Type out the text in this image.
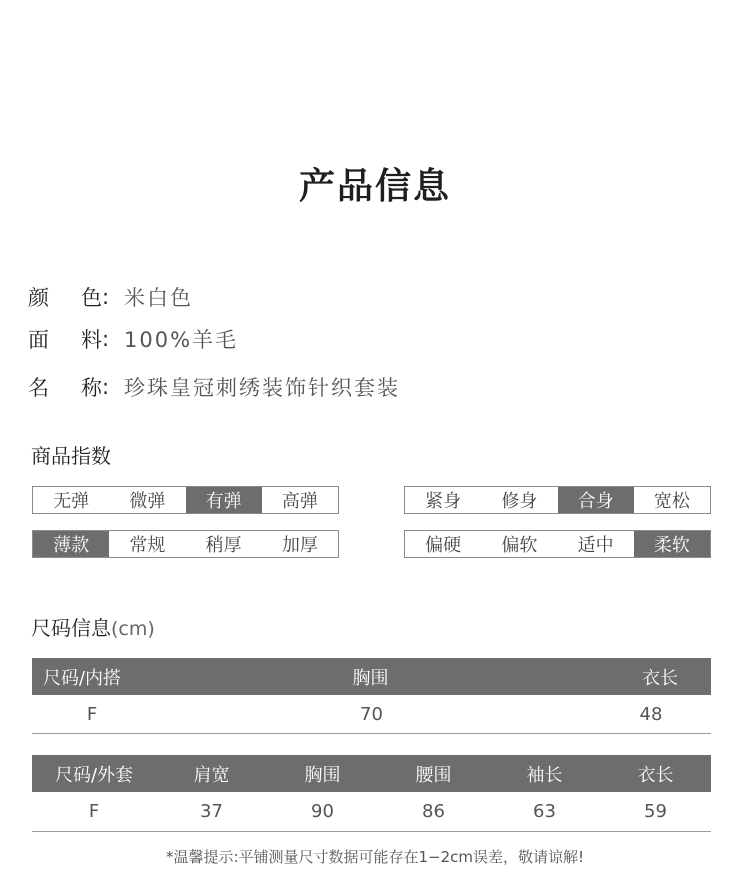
产品信息
颜 色 : 米白色
面 料 : 100%羊毛
名 称 : 珍珠皇冠刺绣装饰针织套装
商品指数
无弹	微弹	有弹	高弹	紧身	修身	合身	宽松
薄款	常规	稍厚	加厚	偏硬	偏软	适中	柔软
尺码信息(cm)
尺码/内搭	胸围	衣长
F	70	48
尺码/外套	肩宽	胸围	腰围	袖长	衣长
F	37	90	86	63	59
*温馨提示:平铺测量尺寸数据可能存在1−2cm误差，敬请谅解!
